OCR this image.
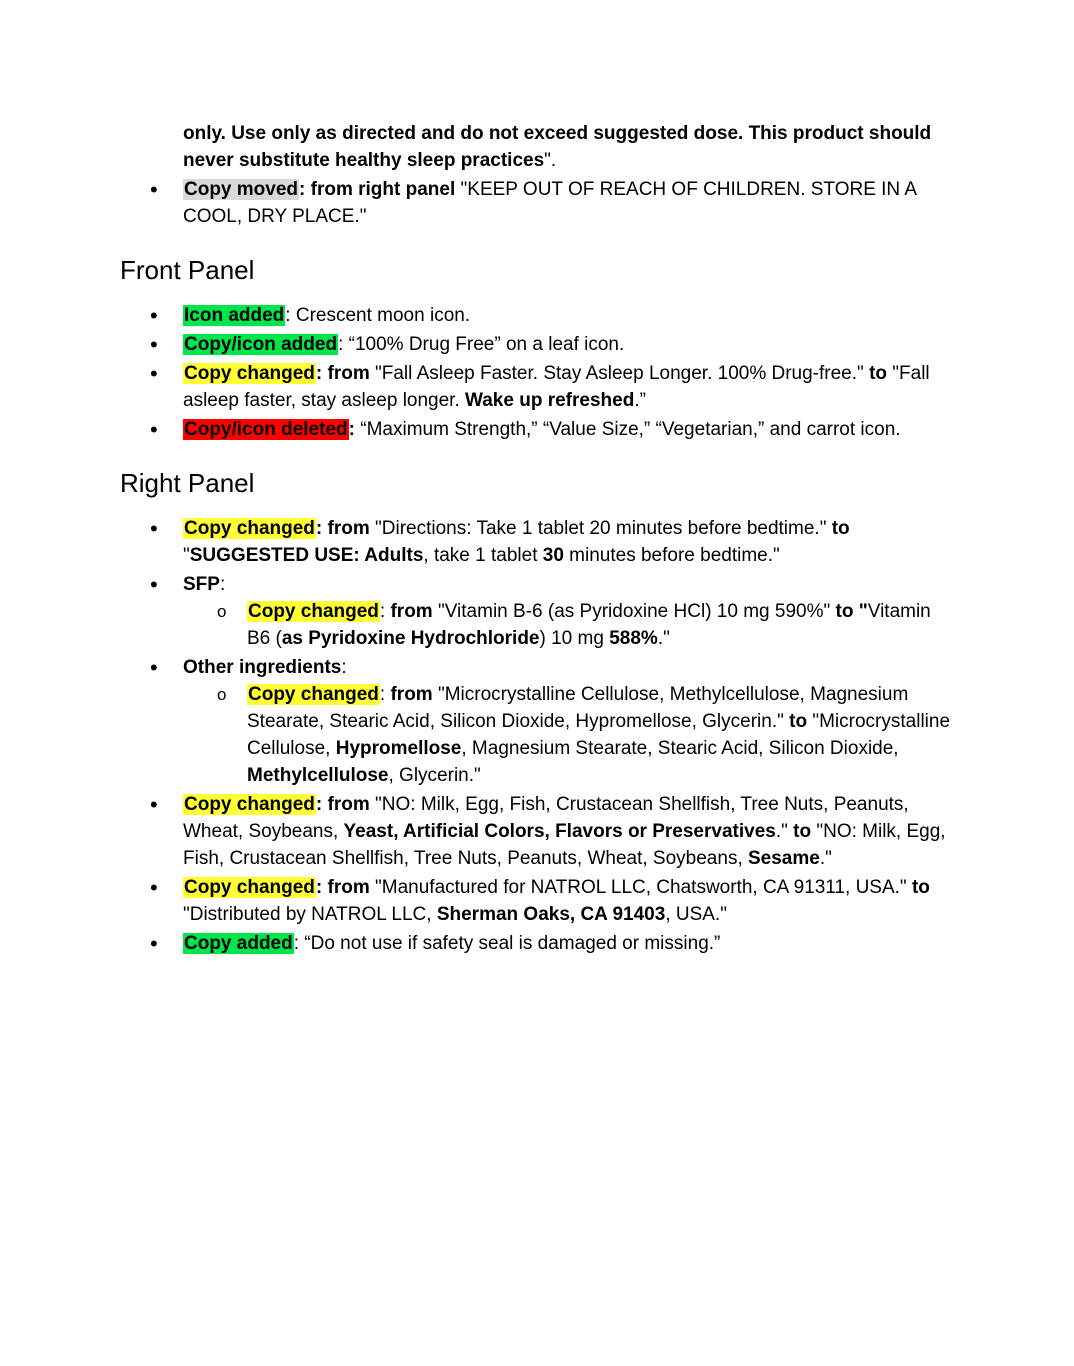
only. Use only as directed and do not exceed suggested dose. This product should never substitute healthy sleep practices".
• Copy moved: from right panel "KEEP OUT OF REACH OF CHILDREN. STORE IN A COOL, DRY PLACE."
Front Panel
• Icon added: Crescent moon icon.
• Copy/icon added: “100% Drug Free” on a leaf icon.
• Copy changed: from "Fall Asleep Faster. Stay Asleep Longer. 100% Drug-free." to "Fall asleep faster, stay asleep longer. Wake up refreshed.”
• Copy/icon deleted: “Maximum Strength,” “Value Size,” “Vegetarian,” and carrot icon.
Right Panel
• Copy changed: from "Directions: Take 1 tablet 20 minutes before bedtime." to "SUGGESTED USE: Adults, take 1 tablet 30 minutes before bedtime."
• SFP:
o Copy changed: from "Vitamin B-6 (as Pyridoxine HCl) 10 mg 590%" to "Vitamin B6 (as Pyridoxine Hydrochloride) 10 mg 588%."
• Other ingredients:
o Copy changed: from "Microcrystalline Cellulose, Methylcellulose, Magnesium Stearate, Stearic Acid, Silicon Dioxide, Hypromellose, Glycerin." to "Microcrystalline Cellulose, Hypromellose, Magnesium Stearate, Stearic Acid, Silicon Dioxide, Methylcellulose, Glycerin."
• Copy changed: from "NO: Milk, Egg, Fish, Crustacean Shellfish, Tree Nuts, Peanuts, Wheat, Soybeans, Yeast, Artificial Colors, Flavors or Preservatives." to "NO: Milk, Egg, Fish, Crustacean Shellfish, Tree Nuts, Peanuts, Wheat, Soybeans, Sesame."
• Copy changed: from "Manufactured for NATROL LLC, Chatsworth, CA 91311, USA." to "Distributed by NATROL LLC, Sherman Oaks, CA 91403, USA."
• Copy added: “Do not use if safety seal is damaged or missing.”
